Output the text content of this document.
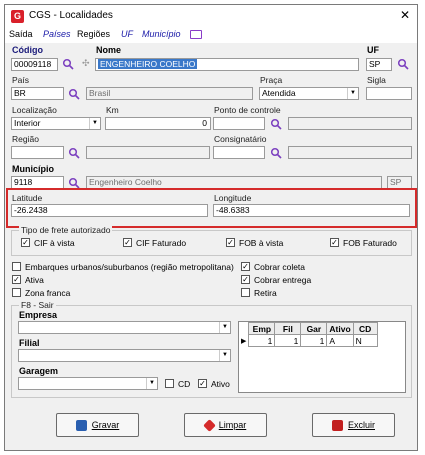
G CGS - Localidades	✕
Saída Países Regiões UF Município
Código
00009118	✣
Nome
ENGENHEIRO COELHO
UF
SP
País
BR	Brasil
Praça
Atendida	▼
Sigla
Localização
Interior	▼
Km
0
Ponto de controle
Região	Consignatário
Município
9118	Engenheiro Coelho	SP
Latitude
-26.2438
Longitude
-48.6383
Tipo de frete autorizado
✓ CIF à vista	✓ CIF Faturado	✓ FOB à vista	✓ FOB Faturado
Embarques urbanos/suburbanos (região metropolitana)
✓ Ativa
Zona franca
✓ Cobrar coleta
✓ Cobrar entrega
Retira
F8 - Sair
Empresa
▼
Filial
▼
Garagem
▼	CD ✓ Ativo
	Emp	Fil	Gar	Ativo	CD
▶	1	1	1	A	N
Gravar	Limpar	Excluir
